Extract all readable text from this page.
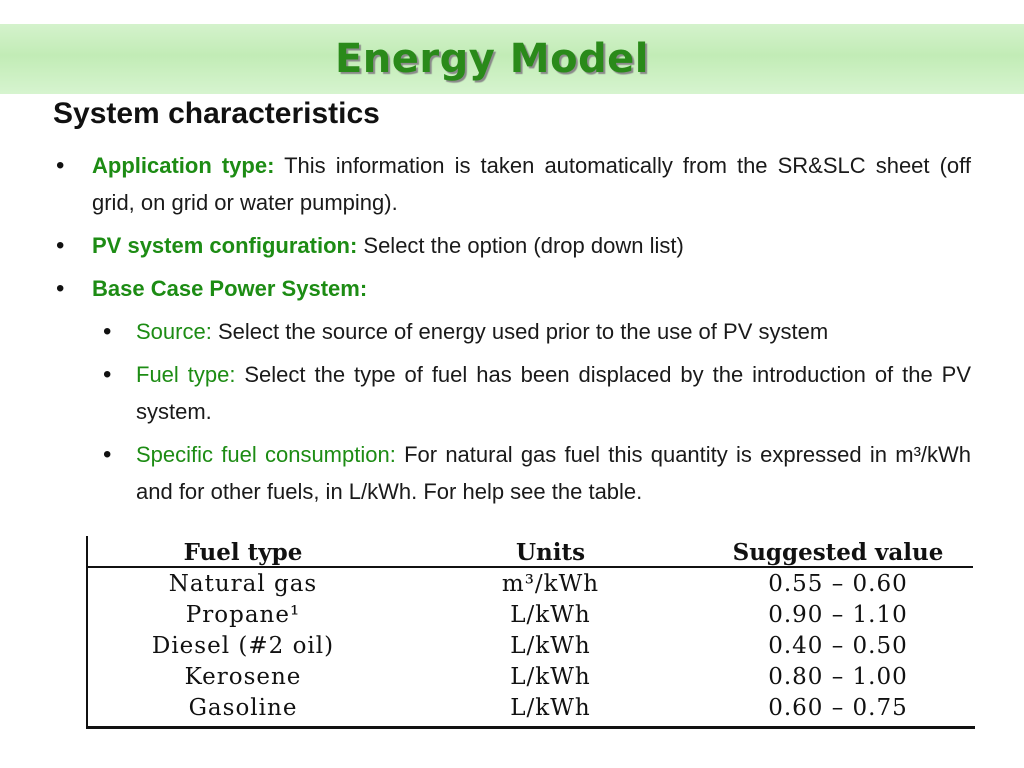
Energy Model
System characteristics
• Application type: This information is taken automatically from the SR&SLC sheet (off grid, on grid or water pumping).
• PV system configuration: Select the option (drop down list)
• Base Case Power System:
• Source: Select the source of energy used prior to the use of PV system
• Fuel type: Select the type of fuel has been displaced by the introduction of the PV system.
• Specific fuel consumption: For natural gas fuel this quantity is expressed in m³/kWh and for other fuels, in L/kWh. For help see the table.
Fuel type	Units	Suggested value
Natural gas	m³/kWh	0.55 – 0.60
Propane¹	L/kWh	0.90 – 1.10
Diesel (#2 oil)	L/kWh	0.40 – 0.50
Kerosene	L/kWh	0.80 – 1.00
Gasoline	L/kWh	0.60 – 0.75
